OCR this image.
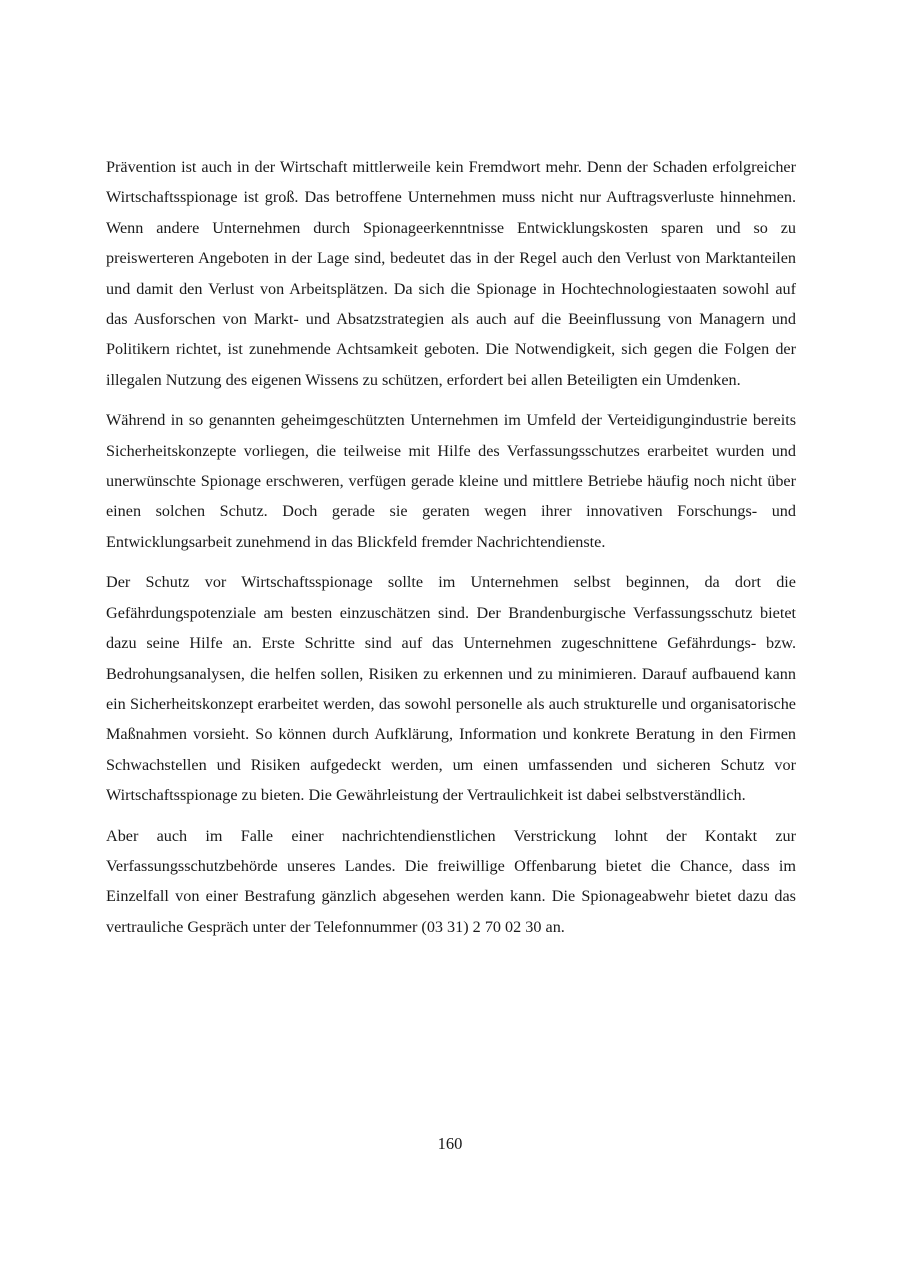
Prävention ist auch in der Wirtschaft mittlerweile kein Fremdwort mehr. Denn der Schaden erfolgreicher Wirtschaftsspionage ist groß. Das betroffene Unternehmen muss nicht nur Auftragsverluste hinnehmen. Wenn andere Unternehmen durch Spionageerkenntnisse Entwicklungskosten sparen und so zu preiswerteren Angeboten in der Lage sind, bedeutet das in der Regel auch den Verlust von Marktanteilen und damit den Verlust von Arbeitsplätzen. Da sich die Spionage in Hochtechnologiestaaten sowohl auf das Ausforschen von Markt- und Absatzstrategien als auch auf die Beeinflussung von Managern und Politikern richtet, ist zunehmende Achtsamkeit geboten. Die Notwendigkeit, sich gegen die Folgen der illegalen Nutzung des eigenen Wissens zu schützen, erfordert bei allen Beteiligten ein Umdenken.

Während in so genannten geheimgeschützten Unternehmen im Umfeld der Verteidigungindustrie bereits Sicherheitskonzepte vorliegen, die teilweise mit Hilfe des Verfassungsschutzes erarbeitet wurden und unerwünschte Spionage erschweren, verfügen gerade kleine und mittlere Betriebe häufig noch nicht über einen solchen Schutz. Doch gerade sie geraten wegen ihrer innovativen Forschungs- und Entwicklungsarbeit zunehmend in das Blickfeld fremder Nachrichtendienste.

Der Schutz vor Wirtschaftsspionage sollte im Unternehmen selbst beginnen, da dort die Gefährdungspotenziale am besten einzuschätzen sind. Der Brandenburgische Verfassungsschutz bietet dazu seine Hilfe an. Erste Schritte sind auf das Unternehmen zugeschnittene Gefährdungs- bzw. Bedrohungsanalysen, die helfen sollen, Risiken zu erkennen und zu minimieren. Darauf aufbauend kann ein Sicherheitskonzept erarbeitet werden, das sowohl personelle als auch strukturelle und organisatorische Maßnahmen vorsieht. So können durch Aufklärung, Information und konkrete Beratung in den Firmen Schwachstellen und Risiken aufgedeckt werden, um einen umfassenden und sicheren Schutz vor Wirtschaftsspionage zu bieten. Die Gewährleistung der Vertraulichkeit ist dabei selbstverständlich.

Aber auch im Falle einer nachrichtendienstlichen Verstrickung lohnt der Kontakt zur Verfassungsschutzbehörde unseres Landes. Die freiwillige Offenbarung bietet die Chance, dass im Einzelfall von einer Bestrafung gänzlich abgesehen werden kann. Die Spionageabwehr bietet dazu das vertrauliche Gespräch unter der Telefonnummer (03 31) 2 70 02 30 an.

160
